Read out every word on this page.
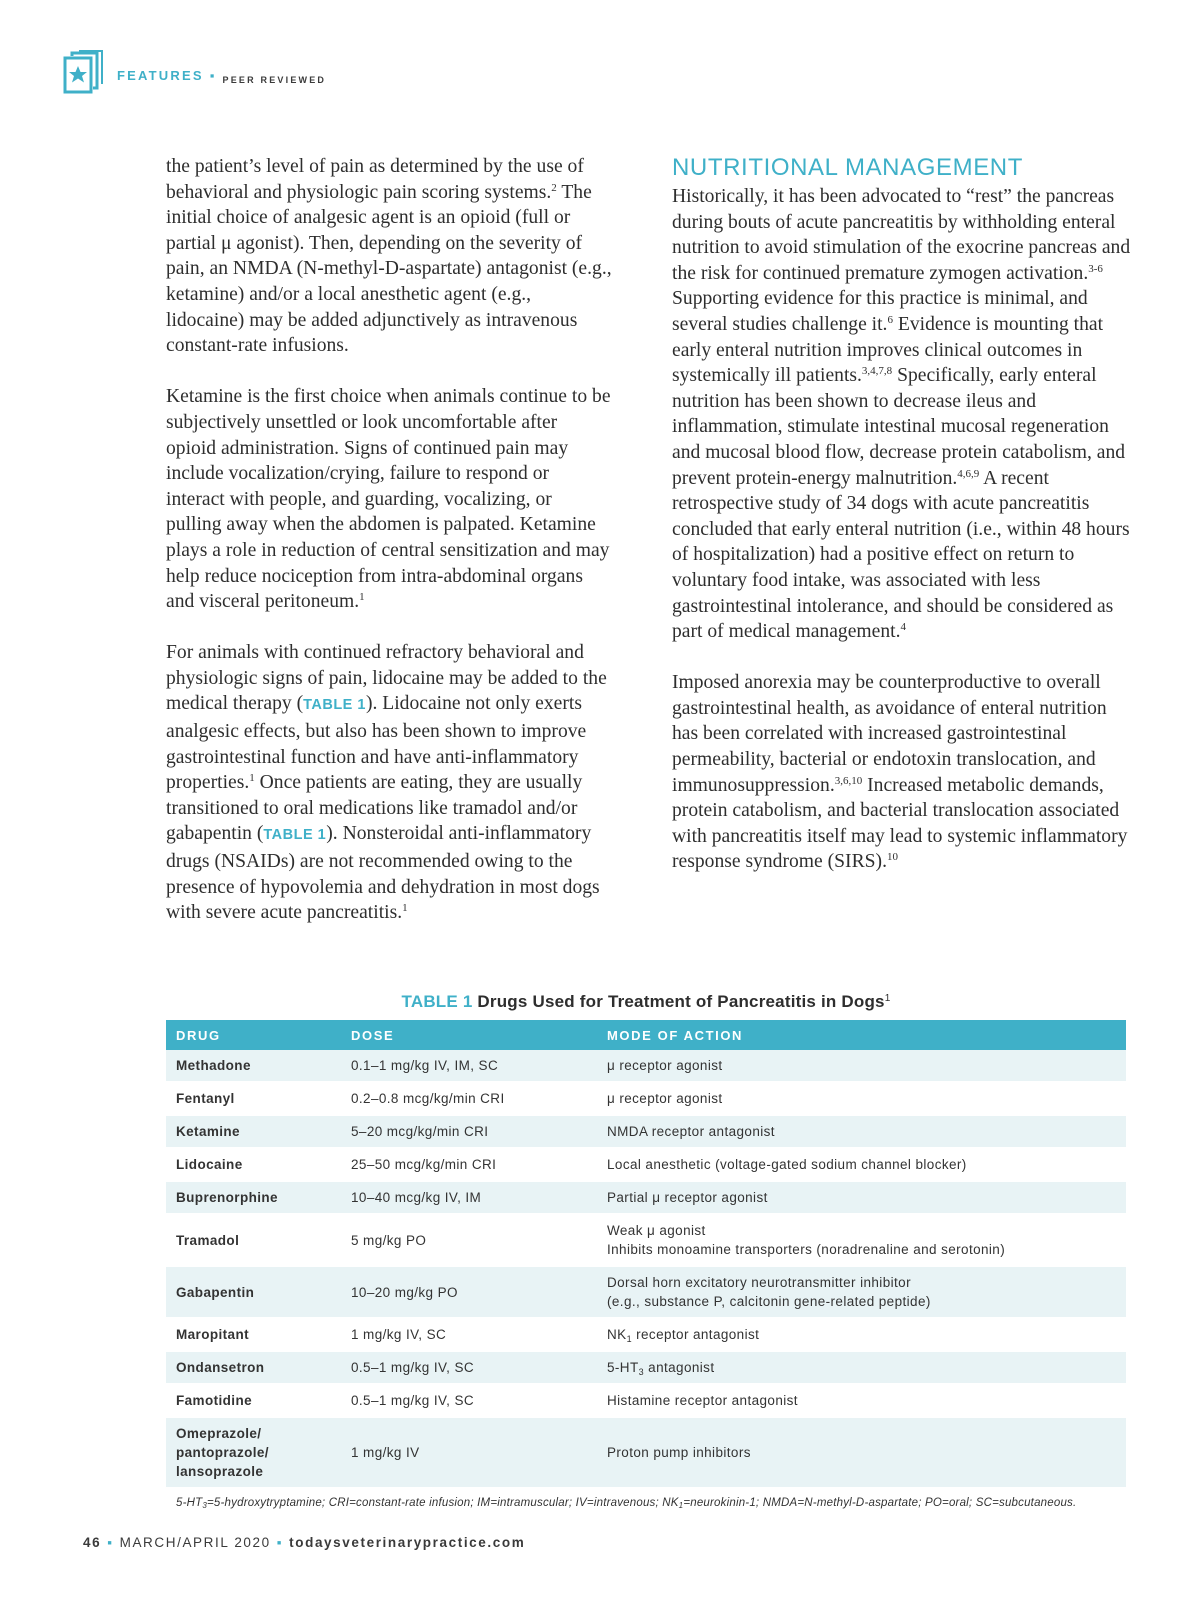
FEATURES ▪ $_{PEER REVIEWED}$

the patient’s level of pain as determined by the use of behavioral and physiologic pain scoring systems.$^2$ The initial choice of analgesic agent is an opioid (full or partial μ agonist). Then, depending on the severity of pain, an NMDA (N-methyl-D-aspartate) antagonist (e.g., ketamine) and/or a local anesthetic agent (e.g., lidocaine) may be added adjunctively as intravenous constant-rate infusions.

Ketamine is the first choice when animals continue to be subjectively unsettled or look uncomfortable after opioid administration. Signs of continued pain may include vocalization/crying, failure to respond or interact with people, and guarding, vocalizing, or pulling away when the abdomen is palpated. Ketamine plays a role in reduction of central sensitization and may help reduce nociception from intra-abdominal organs and visceral peritoneum.$^1$

For animals with continued refractory behavioral and physiologic signs of pain, lidocaine may be added to the medical therapy (TABLE 1). Lidocaine not only exerts analgesic effects, but also has been shown to improve gastrointestinal function and have anti-inflammatory properties.$^1$ Once patients are eating, they are usually transitioned to oral medications like tramadol and/or gabapentin (TABLE 1). Nonsteroidal anti-inflammatory drugs (NSAIDs) are not recommended owing to the presence of hypovolemia and dehydration in most dogs with severe acute pancreatitis.$^1$

NUTRITIONAL MANAGEMENT

Historically, it has been advocated to “rest” the pancreas during bouts of acute pancreatitis by withholding enteral nutrition to avoid stimulation of the exocrine pancreas and the risk for continued premature zymogen activation.$^{3-6}$ Supporting evidence for this practice is minimal, and several studies challenge it.$^6$ Evidence is mounting that early enteral nutrition improves clinical outcomes in systemically ill patients.$^{3,4,7,8}$ Specifically, early enteral nutrition has been shown to decrease ileus and inflammation, stimulate intestinal mucosal regeneration and mucosal blood flow, decrease protein catabolism, and prevent protein-energy malnutrition.$^{4,6,9}$ A recent retrospective study of 34 dogs with acute pancreatitis concluded that early enteral nutrition (i.e., within 48 hours of hospitalization) had a positive effect on return to voluntary food intake, was associated with less gastrointestinal intolerance, and should be considered as part of medical management.$^4$

Imposed anorexia may be counterproductive to overall gastrointestinal health, as avoidance of enteral nutrition has been correlated with increased gastrointestinal permeability, bacterial or endotoxin translocation, and immunosuppression.$^{3,6,10}$ Increased metabolic demands, protein catabolism, and bacterial translocation associated with pancreatitis itself may lead to systemic inflammatory response syndrome (SIRS).$^{10}$

TABLE 1 Drugs Used for Treatment of Pancreatitis in Dogs$^1$
DRUG	DOSE	MODE OF ACTION
Methadone	0.1–1 mg/kg IV, IM, SC	μ receptor agonist
Fentanyl	0.2–0.8 mcg/kg/min CRI	μ receptor agonist
Ketamine	5–20 mcg/kg/min CRI	NMDA receptor antagonist
Lidocaine	25–50 mcg/kg/min CRI	Local anesthetic (voltage-gated sodium channel blocker)
Buprenorphine	10–40 mcg/kg IV, IM	Partial μ receptor agonist
Tramadol	5 mg/kg PO	Weak μ agonist
Inhibits monoamine transporters (noradrenaline and serotonin)

Gabapentin	10–20 mg/kg PO	Dorsal horn excitatory neurotransmitter inhibitor
(e.g., substance P, calcitonin gene-related peptide)

Maropitant	1 mg/kg IV, SC	$NK_1$ receptor antagonist
Ondansetron	0.5–1 mg/kg IV, SC	$5-HT_3$ antagonist
Famotidine	0.5–1 mg/kg IV, SC	Histamine receptor antagonist

Omeprazole/
pantoprazole/
lansoprazole	1 mg/kg IV	Proton pump inhibitors
5-HT3=5-hydroxytryptamine; CRI=constant-rate infusion; IM=intramuscular; IV=intravenous; NK1=neurokinin-1; NMDA=N-methyl-D-aspartate; PO=oral; SC=subcutaneous.
46 ▪ MARCH/APRIL 2020 ▪ todaysveterinarypractice.com
